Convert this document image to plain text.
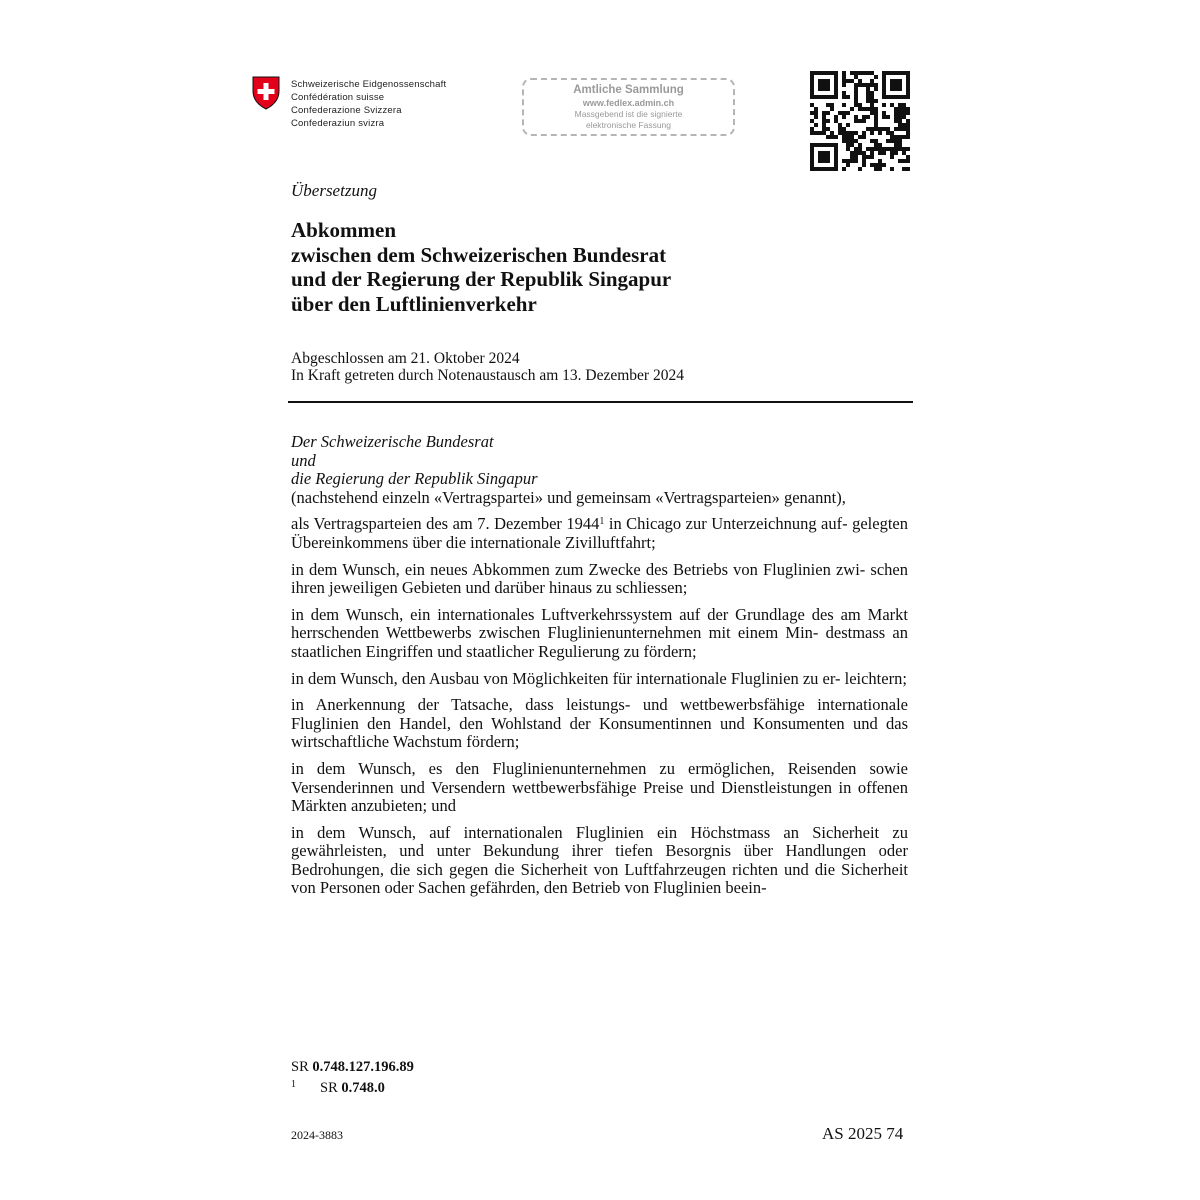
Schweizerische Eidgenossenschaft
Confédération suisse
Confederazione Svizzera
Confederaziun svizra
Amtliche Sammlung
www.fedlex.admin.ch
Massgebend ist die signierte
elektronische Fassung
Übersetzung
Abkommen
zwischen dem Schweizerischen Bundesrat
und der Regierung der Republik Singapur
über den Luftlinienverkehr
Abgeschlossen am 21. Oktober 2024
In Kraft getreten durch Notenaustausch am 13. Dezember 2024
Der Schweizerische Bundesrat
und
die Regierung der Republik Singapur

(nachstehend einzeln «Vertragspartei» und gemeinsam «Vertragsparteien» genannt),

als Vertragsparteien des am 7. Dezember 1944$^1$ in Chicago zur Unterzeichnung auf- gelegten Übereinkommens über die internationale Zivilluftfahrt;

in dem Wunsch, ein neues Abkommen zum Zwecke des Betriebs von Fluglinien zwi- schen ihren jeweiligen Gebieten und darüber hinaus zu schliessen;

in dem Wunsch, ein internationales Luftverkehrssystem auf der Grundlage des am Markt herrschenden Wettbewerbs zwischen Fluglinienunternehmen mit einem Min- destmass an staatlichen Eingriffen und staatlicher Regulierung zu fördern;

in dem Wunsch, den Ausbau von Möglichkeiten für internationale Fluglinien zu er- leichtern;

in Anerkennung der Tatsache, dass leistungs- und wettbewerbsfähige internationale Fluglinien den Handel, den Wohlstand der Konsumentinnen und Konsumenten und das wirtschaftliche Wachstum fördern;

in dem Wunsch, es den Fluglinienunternehmen zu ermöglichen, Reisenden sowie Versenderinnen und Versendern wettbewerbsfähige Preise und Dienstleistungen in offenen Märkten anzubieten; und

in dem Wunsch, auf internationalen Fluglinien ein Höchstmass an Sicherheit zu gewährleisten, und unter Bekundung ihrer tiefen Besorgnis über Handlungen oder Bedrohungen, die sich gegen die Sicherheit von Luftfahrzeugen richten und die Sicherheit von Personen oder Sachen gefährden, den Betrieb von Fluglinien beein-

SR 0.748.127.196.89
$^1$ SR 0.748.0
2024-3883	AS 2025 74
